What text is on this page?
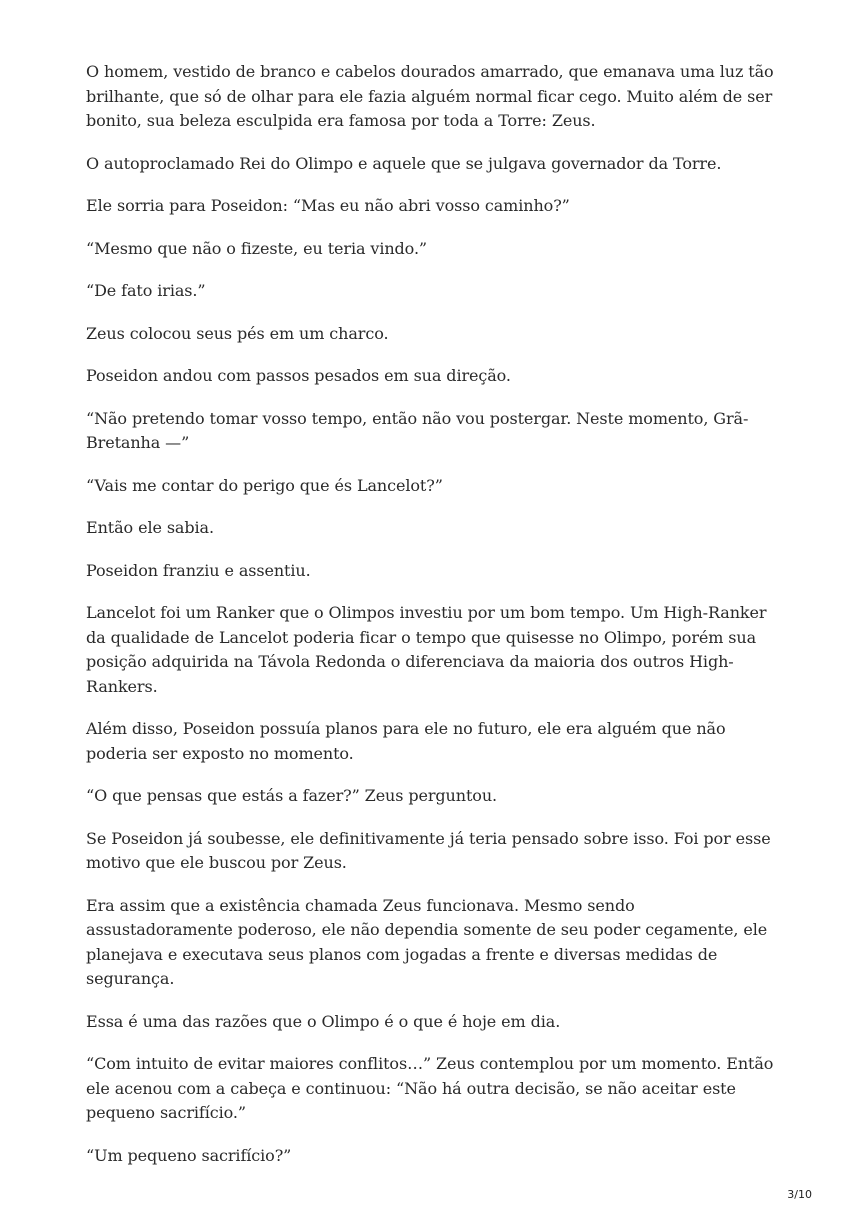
O homem, vestido de branco e cabelos dourados amarrado, que emanava uma luz tão brilhante, que só de olhar para ele fazia alguém normal ficar cego. Muito além de ser bonito, sua beleza esculpida era famosa por toda a Torre: Zeus.

O autoproclamado Rei do Olimpo e aquele que se julgava governador da Torre.

Ele sorria para Poseidon: “Mas eu não abri vosso caminho?”

“Mesmo que não o fizeste, eu teria vindo.”

“De fato irias.”

Zeus colocou seus pés em um charco.

Poseidon andou com passos pesados em sua direção.

“Não pretendo tomar vosso tempo, então não vou postergar. Neste momento, Grã-Bretanha —”

“Vais me contar do perigo que és Lancelot?”

Então ele sabia.

Poseidon franziu e assentiu.

Lancelot foi um Ranker que o Olimpos investiu por um bom tempo. Um High-Ranker da qualidade de Lancelot poderia ficar o tempo que quisesse no Olimpo, porém sua posição adquirida na Távola Redonda o diferenciava da maioria dos outros High-Rankers.

Além disso, Poseidon possuía planos para ele no futuro, ele era alguém que não poderia ser exposto no momento.

“O que pensas que estás a fazer?” Zeus perguntou.

Se Poseidon já soubesse, ele definitivamente já teria pensado sobre isso. Foi por esse motivo que ele buscou por Zeus.

Era assim que a existência chamada Zeus funcionava. Mesmo sendo assustadoramente poderoso, ele não dependia somente de seu poder cegamente, ele planejava e executava seus planos com jogadas a frente e diversas medidas de segurança.

Essa é uma das razões que o Olimpo é o que é hoje em dia.

“Com intuito de evitar maiores conflitos…” Zeus contemplou por um momento. Então ele acenou com a cabeça e continuou: “Não há outra decisão, se não aceitar este pequeno sacrifício.”

“Um pequeno sacrifício?”

3/10
